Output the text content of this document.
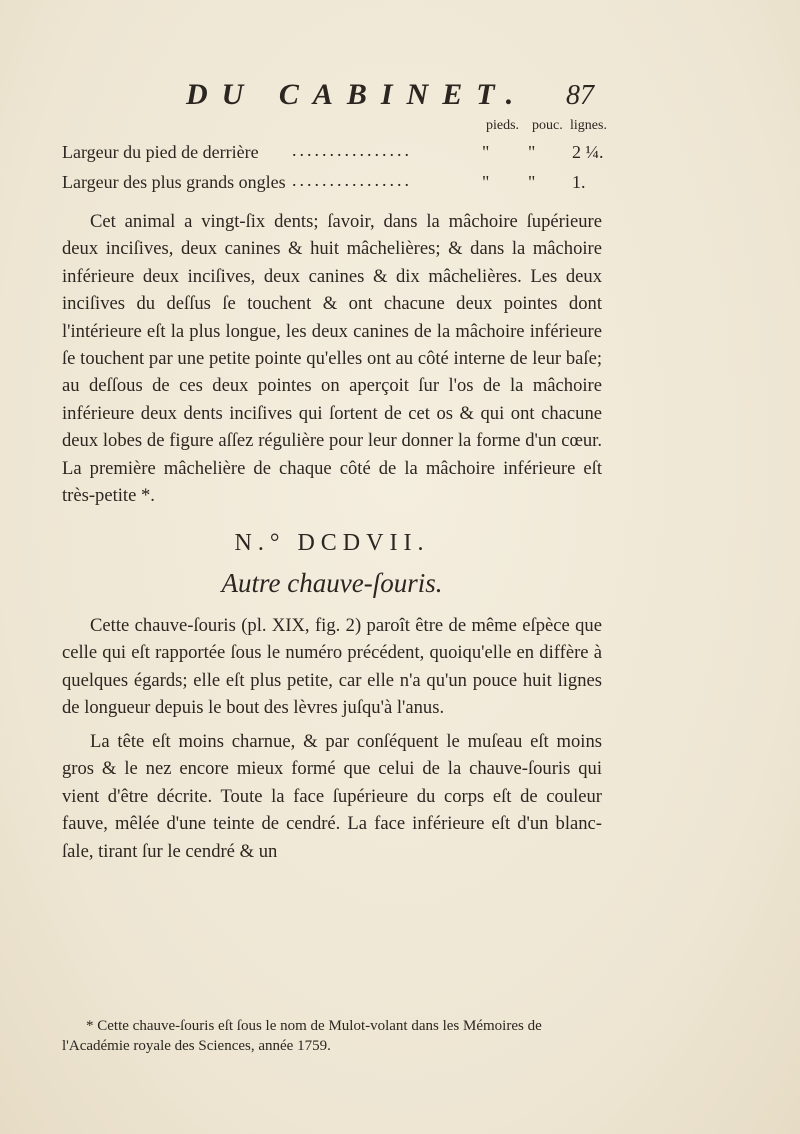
DU CABINET. 87
pieds. pouc. lignes.
Largeur du pied de derrière ................	" " 2 ¼.
Largeur des plus grands ongles ................	" " 1.

Cet animal a vingt-ſix dents; ſavoir, dans la mâchoire ſupérieure deux inciſives, deux canines & huit mâchelières; & dans la mâchoire inférieure deux inciſives, deux canines & dix mâchelières. Les deux inciſives du deſſus ſe touchent & ont chacune deux pointes dont l'intérieure eſt la plus longue, les deux canines de la mâchoire inférieure ſe touchent par une petite pointe qu'elles ont au côté interne de leur baſe; au deſſous de ces deux pointes on aperçoit ſur l'os de la mâchoire inférieure deux dents inciſives qui ſortent de cet os & qui ont chacune deux lobes de figure aſſez régulière pour leur donner la forme d'un cœur. La première mâchelière de chaque côté de la mâchoire inférieure eſt très-petite *.

N.° DCDVII.
Autre chauve-ſouris.

Cette chauve-ſouris (pl. XIX, fig. 2) paroît être de même eſpèce que celle qui eſt rapportée ſous le numéro précédent, quoiqu'elle en diffère à quelques égards; elle eſt plus petite, car elle n'a qu'un pouce huit lignes de longueur depuis le bout des lèvres juſqu'à l'anus.

La tête eſt moins charnue, & par conſéquent le muſeau eſt moins gros & le nez encore mieux formé que celui de la chauve-ſouris qui vient d'être décrite. Toute la face ſupérieure du corps eſt de couleur fauve, mêlée d'une teinte de cendré. La face inférieure eſt d'un blanc-ſale, tirant ſur le cendré & un

* Cette chauve-ſouris eſt ſous le nom de Mulot-volant dans les Mémoires de l'Académie royale des Sciences, année 1759.
